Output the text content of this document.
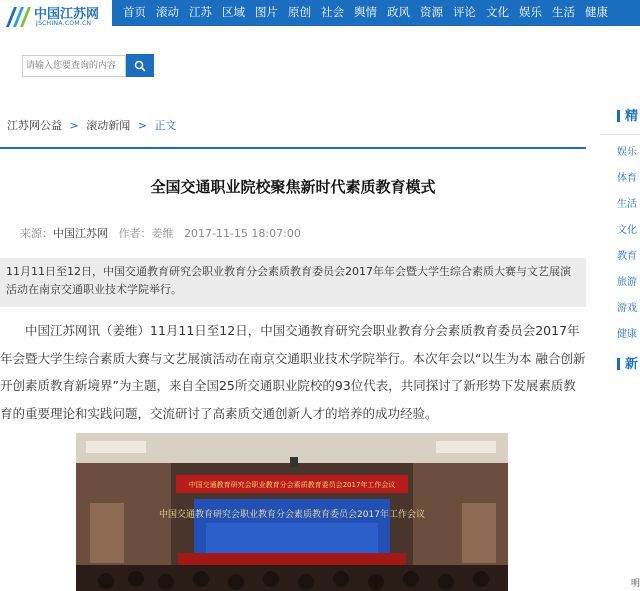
中国江苏网
JSCHINA.COM.CN
首页 滚动 江苏 区域 图片 原创 社会 舆情 政风 资源 评论 文化 娱乐 生活 健康
请输入您要查询的内容
江苏网公益 > 滚动新闻 > 正文
全国交通职业院校聚焦新时代素质教育模式
来源：中国江苏网 作者：姜维 2017-11-15 18:07:00
11月11日至12日，中国交通教育研究会职业教育分会素质教育委员会2017年年会暨大学生综合素质大赛与文艺展演活动在南京交通职业技术学院举行。

中国江苏网讯（姜维）11月11日至12日，中国交通教育研究会职业教育分会素质教育委员会2017年年会暨大学生综合素质大赛与文艺展演活动在南京交通职业技术学院举行。本次年会以“以生为本 融合创新 开创素质教育新境界”为主题，来自全国25所交通职业院校的93位代表，共同探讨了新形势下发展素质教育的重要理论和实践问题，交流研讨了高素质交通创新人才的培养的成功经验。

中国交通教育研究会职业教育分会素质教育委员会2017年工作会议
中国交通教育研究会职业教育分会素质教育委员会2017年工作会议
精
娱乐
体育
生活
文化
教育
旅游
游戏
健康
新
明
